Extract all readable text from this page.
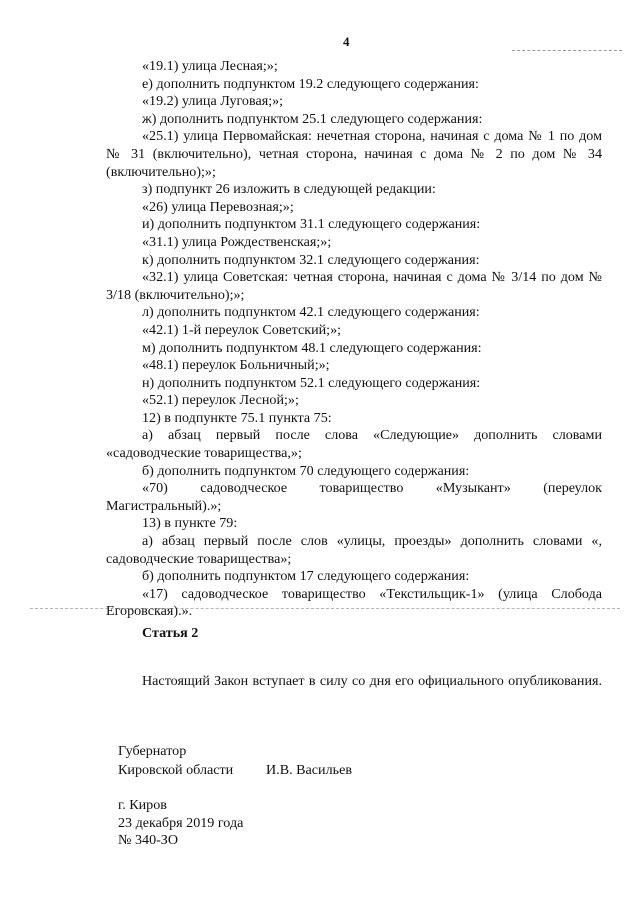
4

«19.1) улица Лесная;»;

е) дополнить подпунктом 19.2 следующего содержания:

«19.2) улица Луговая;»;

ж) дополнить подпунктом 25.1 следующего содержания:

«25.1) улица Первомайская: нечетная сторона, начиная с дома № 1 по дом № 31 (включительно), четная сторона, начиная с дома № 2 по дом № 34 (включительно);»;

з) подпункт 26 изложить в следующей редакции:

«26) улица Перевозная;»;

и) дополнить подпунктом 31.1 следующего содержания:

«31.1) улица Рождественская;»;

к) дополнить подпунктом 32.1 следующего содержания:

«32.1) улица Советская: четная сторона, начиная с дома № 3/14 по дом № 3/18 (включительно);»;

л) дополнить подпунктом 42.1 следующего содержания:

«42.1) 1-й переулок Советский;»;

м) дополнить подпунктом 48.1 следующего содержания:

«48.1) переулок Больничный;»;

н) дополнить подпунктом 52.1 следующего содержания:

«52.1) переулок Лесной;»;

12) в подпункте 75.1 пункта 75:

а) абзац первый после слова «Следующие» дополнить словами «садоводческие товарищества,»;

б) дополнить подпунктом 70 следующего содержания:

«70) садоводческое товарищество «Музыкант» (переулок Магистральный).»;

13) в пункте 79:

а) абзац первый после слов «улицы, проезды» дополнить словами «, садоводческие товарищества»;

б) дополнить подпунктом 17 следующего содержания:

«17) садоводческое товарищество «Текстильщик-1» (улица Слобода Егоровская).».

Статья 2

Настоящий Закон вступает в силу со дня его официального опубликования.

Губернатор
Кировской области	И.В. Васильев
г. Киров
23 декабря 2019 года
№ 340-ЗО
